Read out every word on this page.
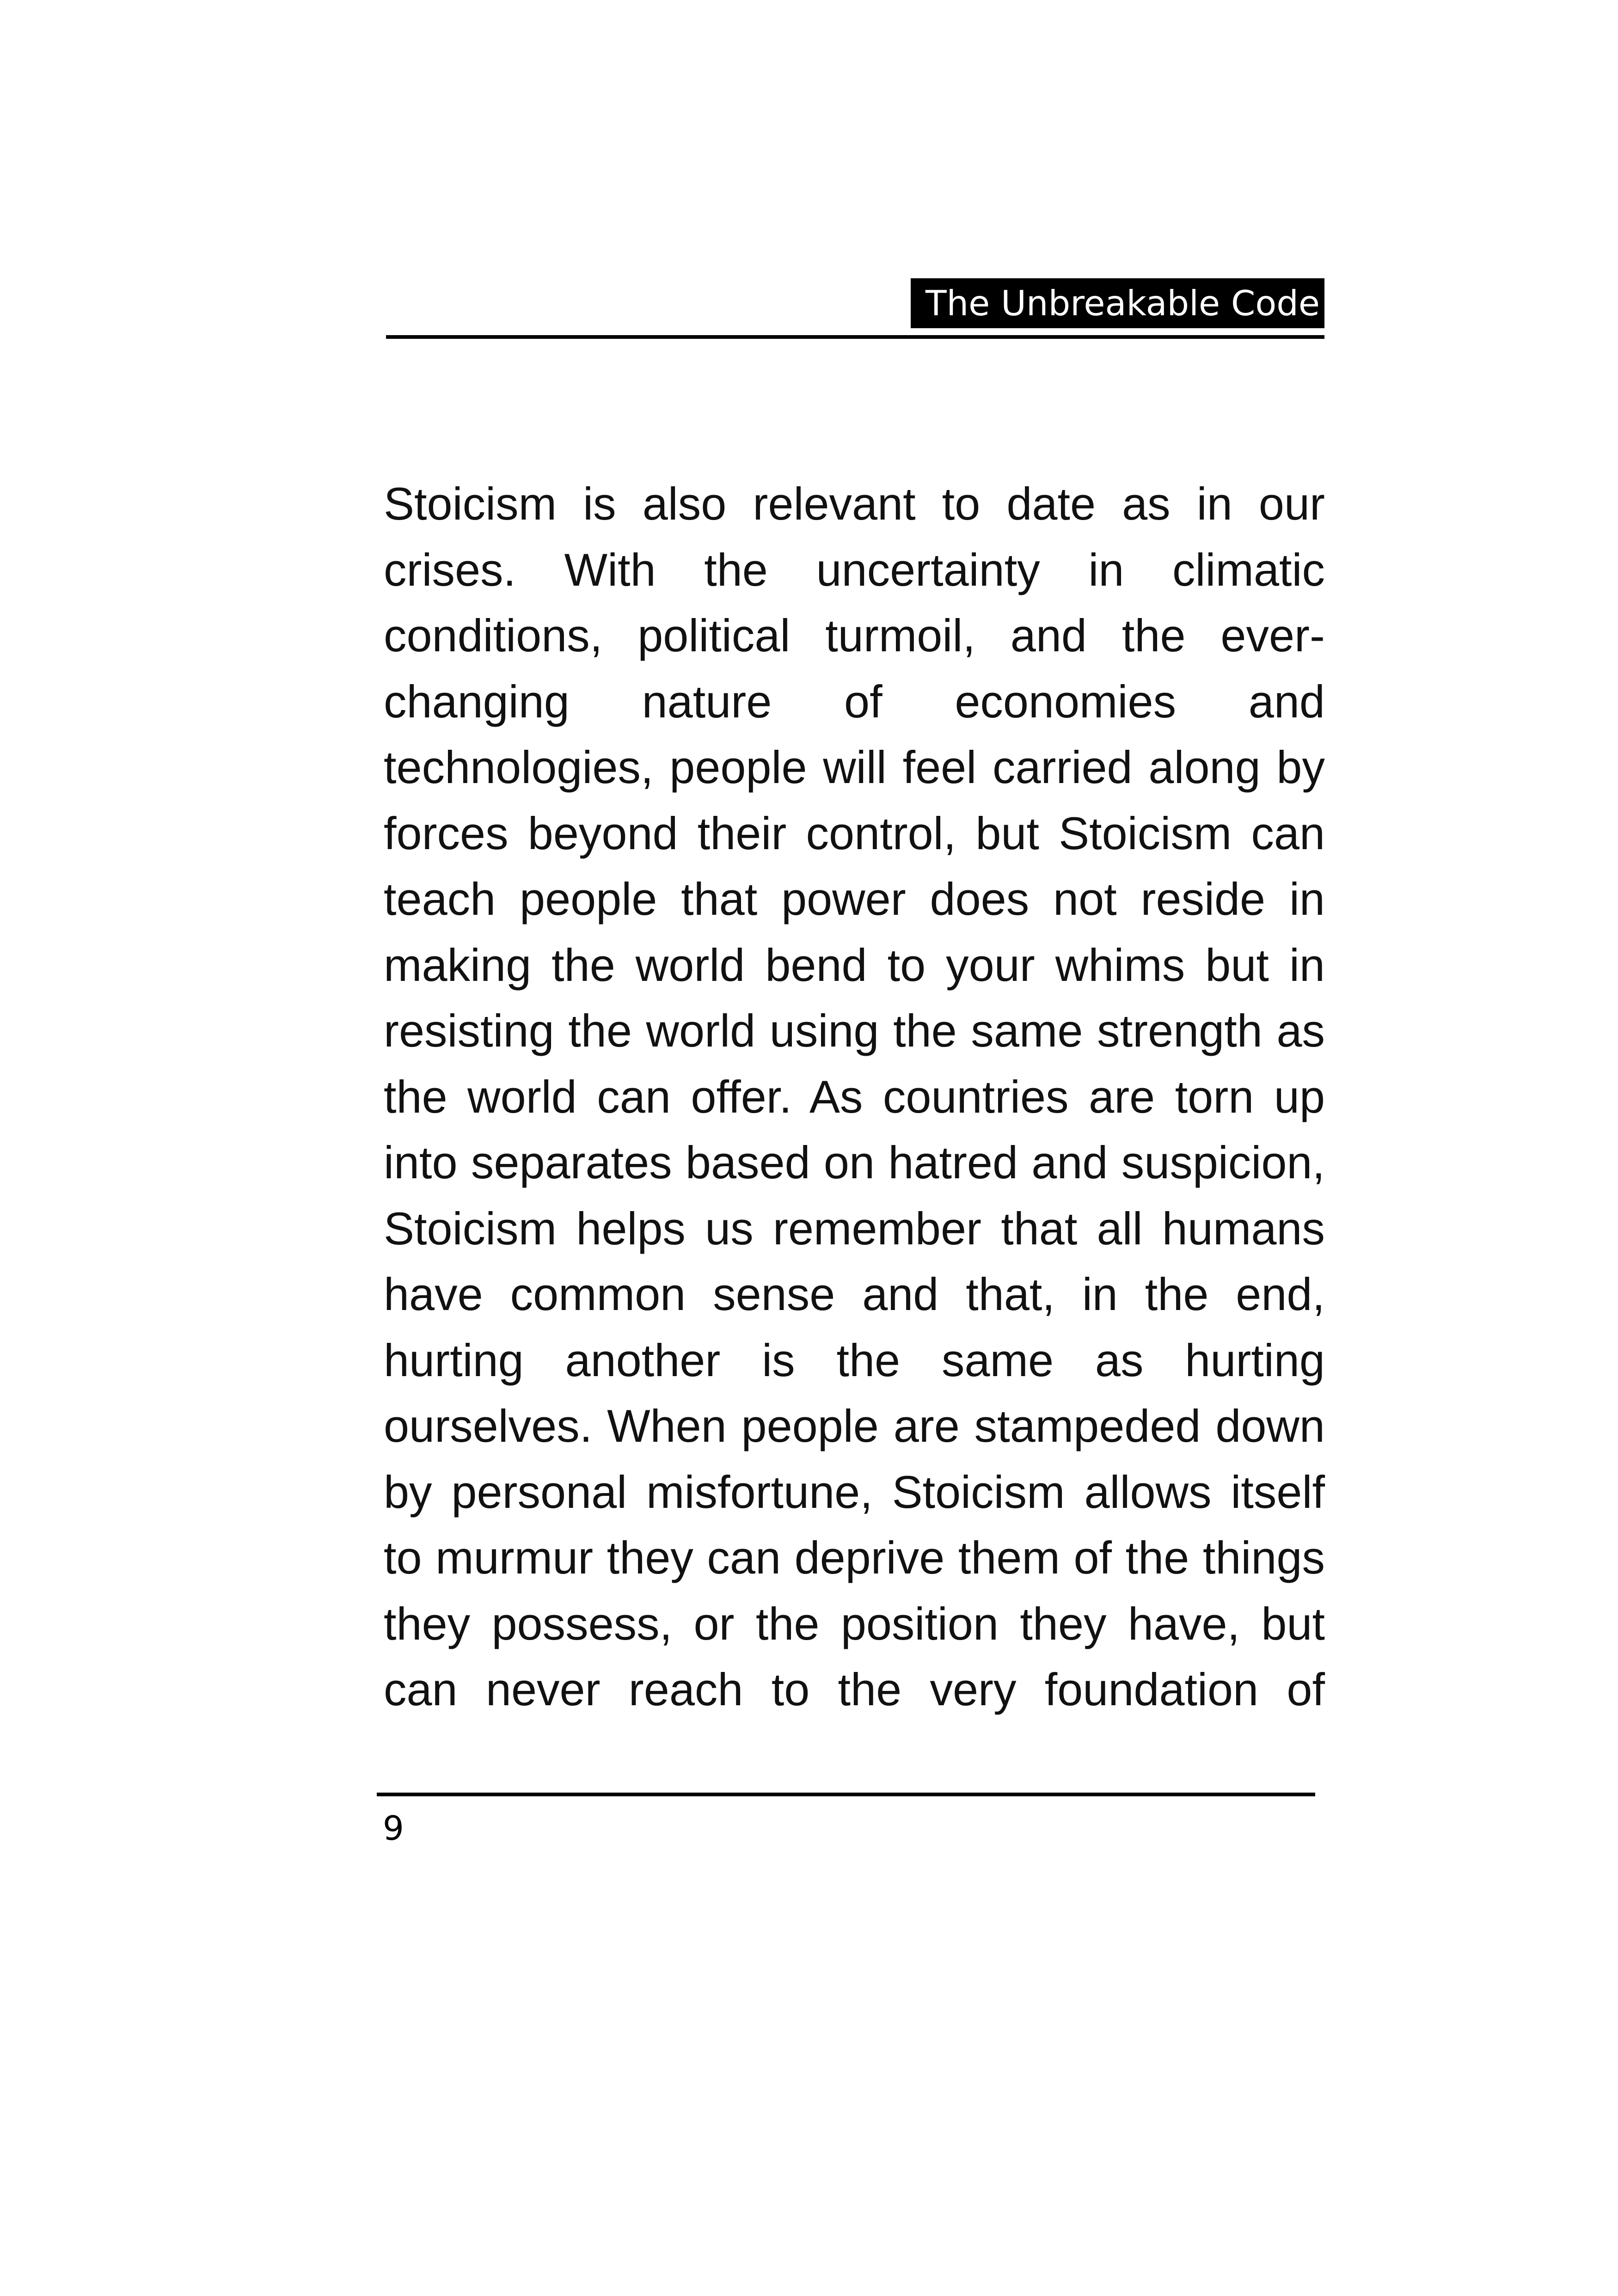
The Unbreakable Code
Stoicism is also relevant to date as in our
crises. With the uncertainty in climatic
conditions, political turmoil, and the ever-
changing nature of economies and
technologies, people will feel carried along by
forces beyond their control, but Stoicism can
teach people that power does not reside in
making the world bend to your whims but in
resisting the world using the same strength as
the world can offer. As countries are torn up
into separates based on hatred and suspicion,
Stoicism helps us remember that all humans
have common sense and that, in the end,
hurting another is the same as hurting
ourselves. When people are stampeded down
by personal misfortune, Stoicism allows itself
to murmur they can deprive them of the things
they possess, or the position they have, but
can never reach to the very foundation of
9
